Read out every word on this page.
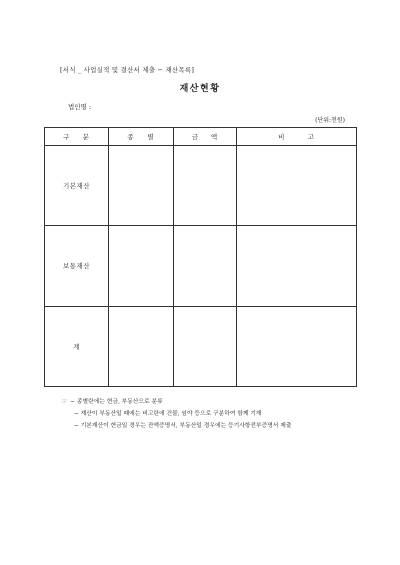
[서식 _ 사업실적 및 결산서 제출 − 재산목록]
재산현황
법인명 :
(단위:천원)
구 분	종 별	금 액	비 고

기본재산			
보통재산			
계			
☞ − 종별란에는 현금, 부동산으로 분류
− 재산이 부동산일 때에는 비고란에 건물, 임야 등으로 구분하여 함께 기재
− 기본재산이 현금일 경우는 잔액증명서, 부동산일 경우에는 등기사항전부증명서 제출
